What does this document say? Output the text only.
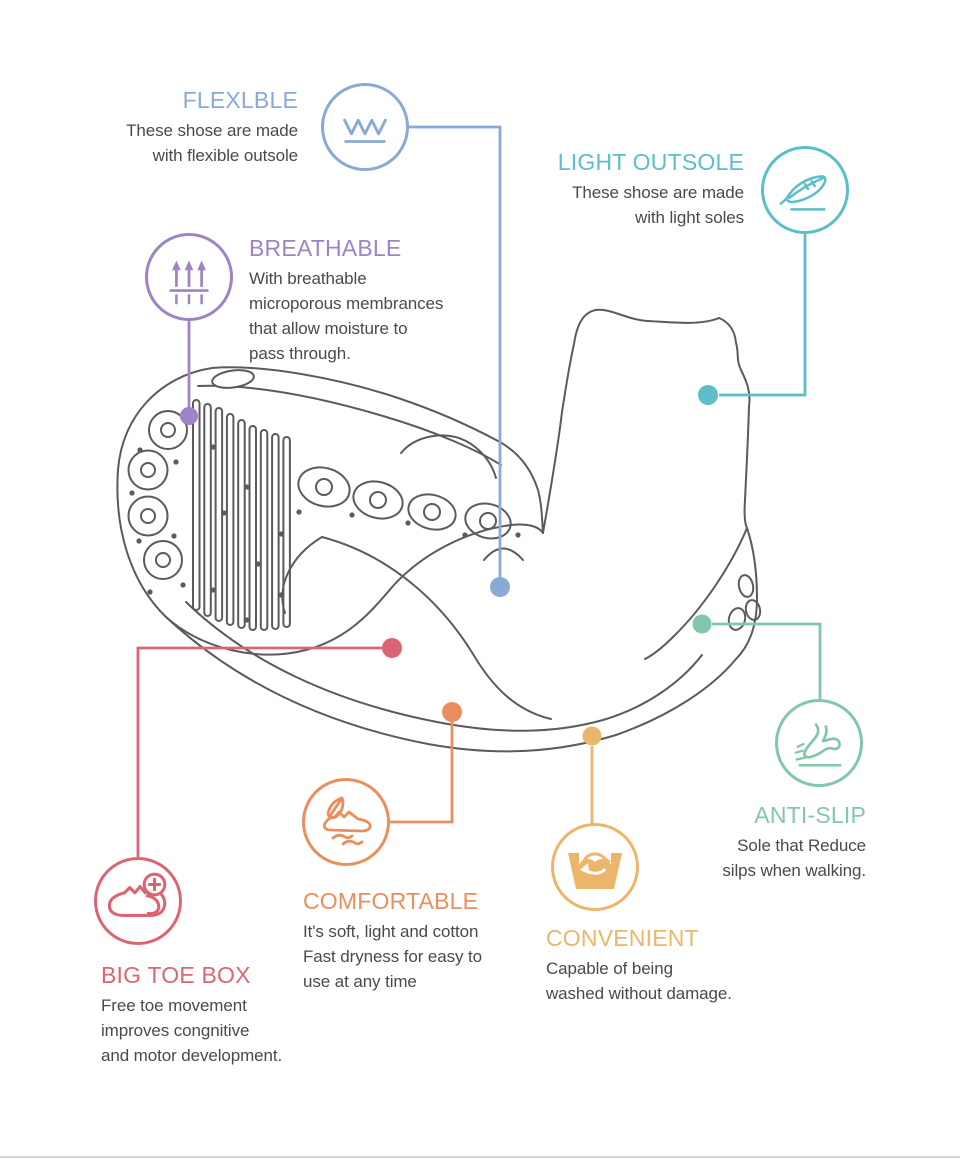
FLEXLBLE
These shose are made
with flexible outsole	LIGHT OUTSOLE
These shose are made
with light soles
BREATHABLE
With breathable
microporous membrances
that allow moisture to
pass through.
BIG TOE BOX
Free toe movement
improves congnitive
and motor development.
COMFORTABLE
It's soft, light and cotton
Fast dryness for easy to
use at any time
CONVENIENT
Capable of being
washed without damage.
ANTI-SLIP
Sole that Reduce
silps when walking.
